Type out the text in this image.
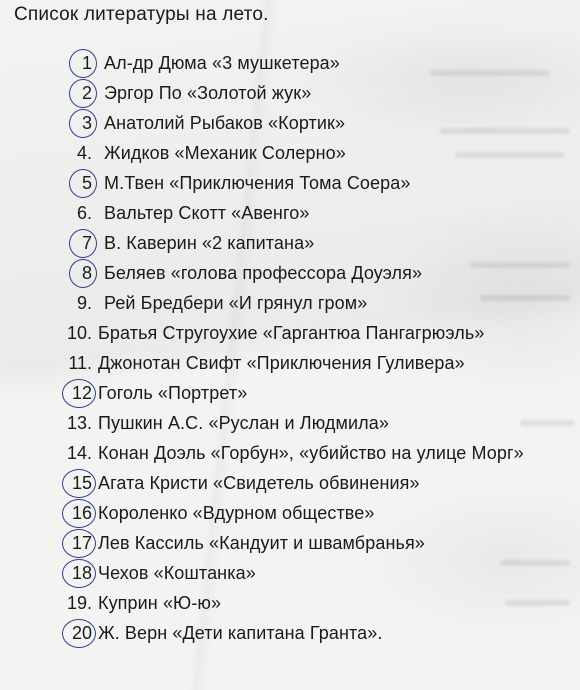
Список литературы на лето.
1 Ал-др Дюма «3 мушкетера»
2 Эргор По «Золотой жук»
3 Анатолий Рыбаков «Кортик»
4. Жидков «Механик Солерно»
5 М.Твен «Приключения Тома Соера»
6. Вальтер Скотт «Авенго»
7 В. Каверин «2 капитана»
8 Беляев «голова профессора Доуэля»
9. Рей Бредбери «И грянул гром»
10. Братья Стругоухие «Гаргантюа Пангагрюэль»
11. Джонотан Свифт «Приключения Гуливера»
12 Гоголь «Портрет»
13. Пушкин А.С. «Руслан и Людмила»
14. Конан Доэль «Горбун», «убийство на улице Морг»
15 Агата Кристи «Свидетель обвинения»
16 Короленко «Вдурном обществе»
17 Лев Кассиль «Кандуит и швамбранья»
18 Чехов «Коштанка»
19. Куприн «Ю-ю»
20 Ж. Верн «Дети капитана Гранта».
